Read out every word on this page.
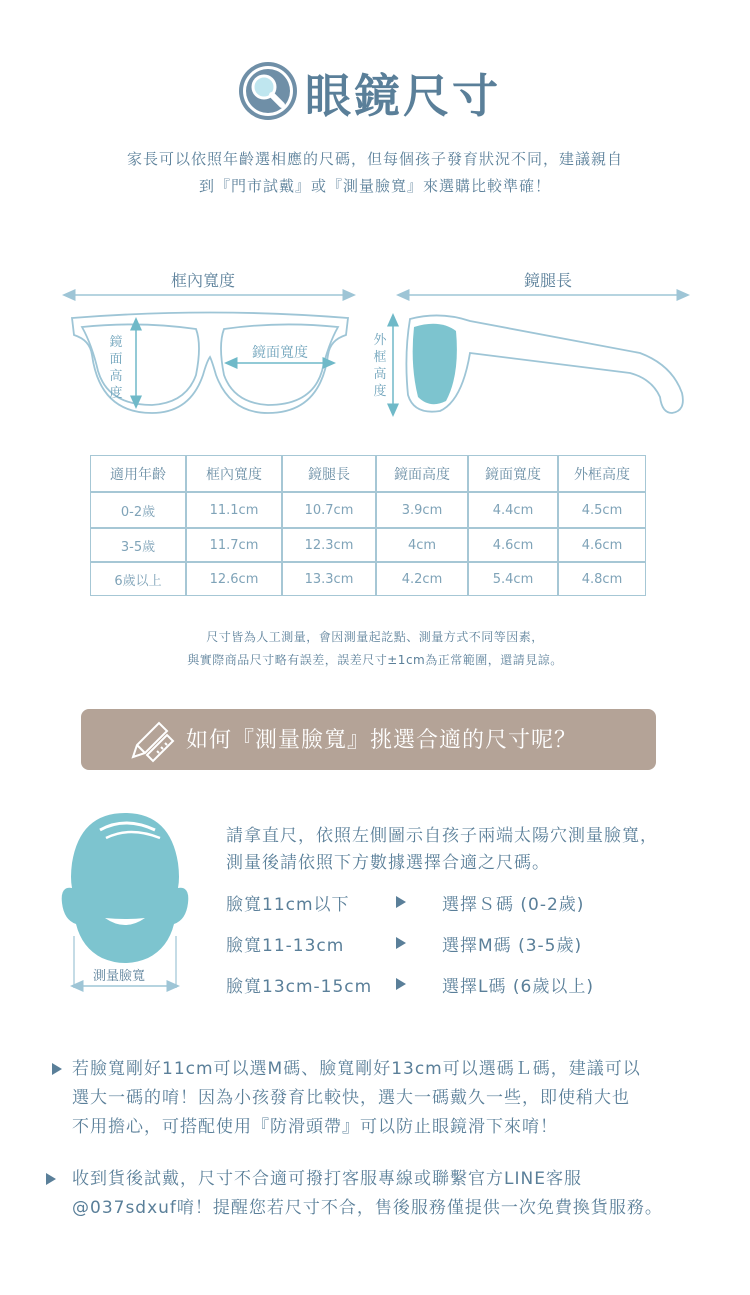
眼鏡尺寸
家長可以依照年齡選相應的尺碼，但每個孩子發育狀況不同，建議親自
到『門市試戴』或『測量臉寬』來選購比較準確！
框內寬度	鏡腿長
鏡
面
高
度
外
框
高
度
鏡面寬度
適用年齡	框內寬度	鏡腿長	鏡面高度	鏡面寬度	外框高度
0-2歲	11.1cm	10.7cm	3.9cm	4.4cm	4.5cm
3-5歲	11.7cm	12.3cm	4cm	4.6cm	4.6cm
6歲以上	12.6cm	13.3cm	4.2cm	5.4cm	4.8cm
尺寸皆為人工測量，會因測量起訖點、測量方式不同等因素，
與實際商品尺寸略有誤差，誤差尺寸±1cm為正常範圍，還請見諒。
如何『測量臉寬』挑選合適的尺寸呢？
測量臉寬
請拿直尺，依照左側圖示自孩子兩端太陽穴測量臉寬，
測量後請依照下方數據選擇合適之尺碼。
臉寬11cm以下	選擇Ｓ碼 (0-2歲)
臉寬11-13cm	選擇M碼 (3-5歲)
臉寬13cm-15cm	選擇L碼 (6歲以上)
若臉寬剛好11cm可以選M碼、臉寬剛好13cm可以選碼Ｌ碼，建議可以
選大一碼的唷！因為小孩發育比較快，選大一碼戴久一些，即使稍大也
不用擔心，可搭配使用『防滑頭帶』可以防止眼鏡滑下來唷！
收到貨後試戴，尺寸不合適可撥打客服專線或聯繫官方LINE客服
@037sdxuf唷！提醒您若尺寸不合，售後服務僅提供一次免費換貨服務。
